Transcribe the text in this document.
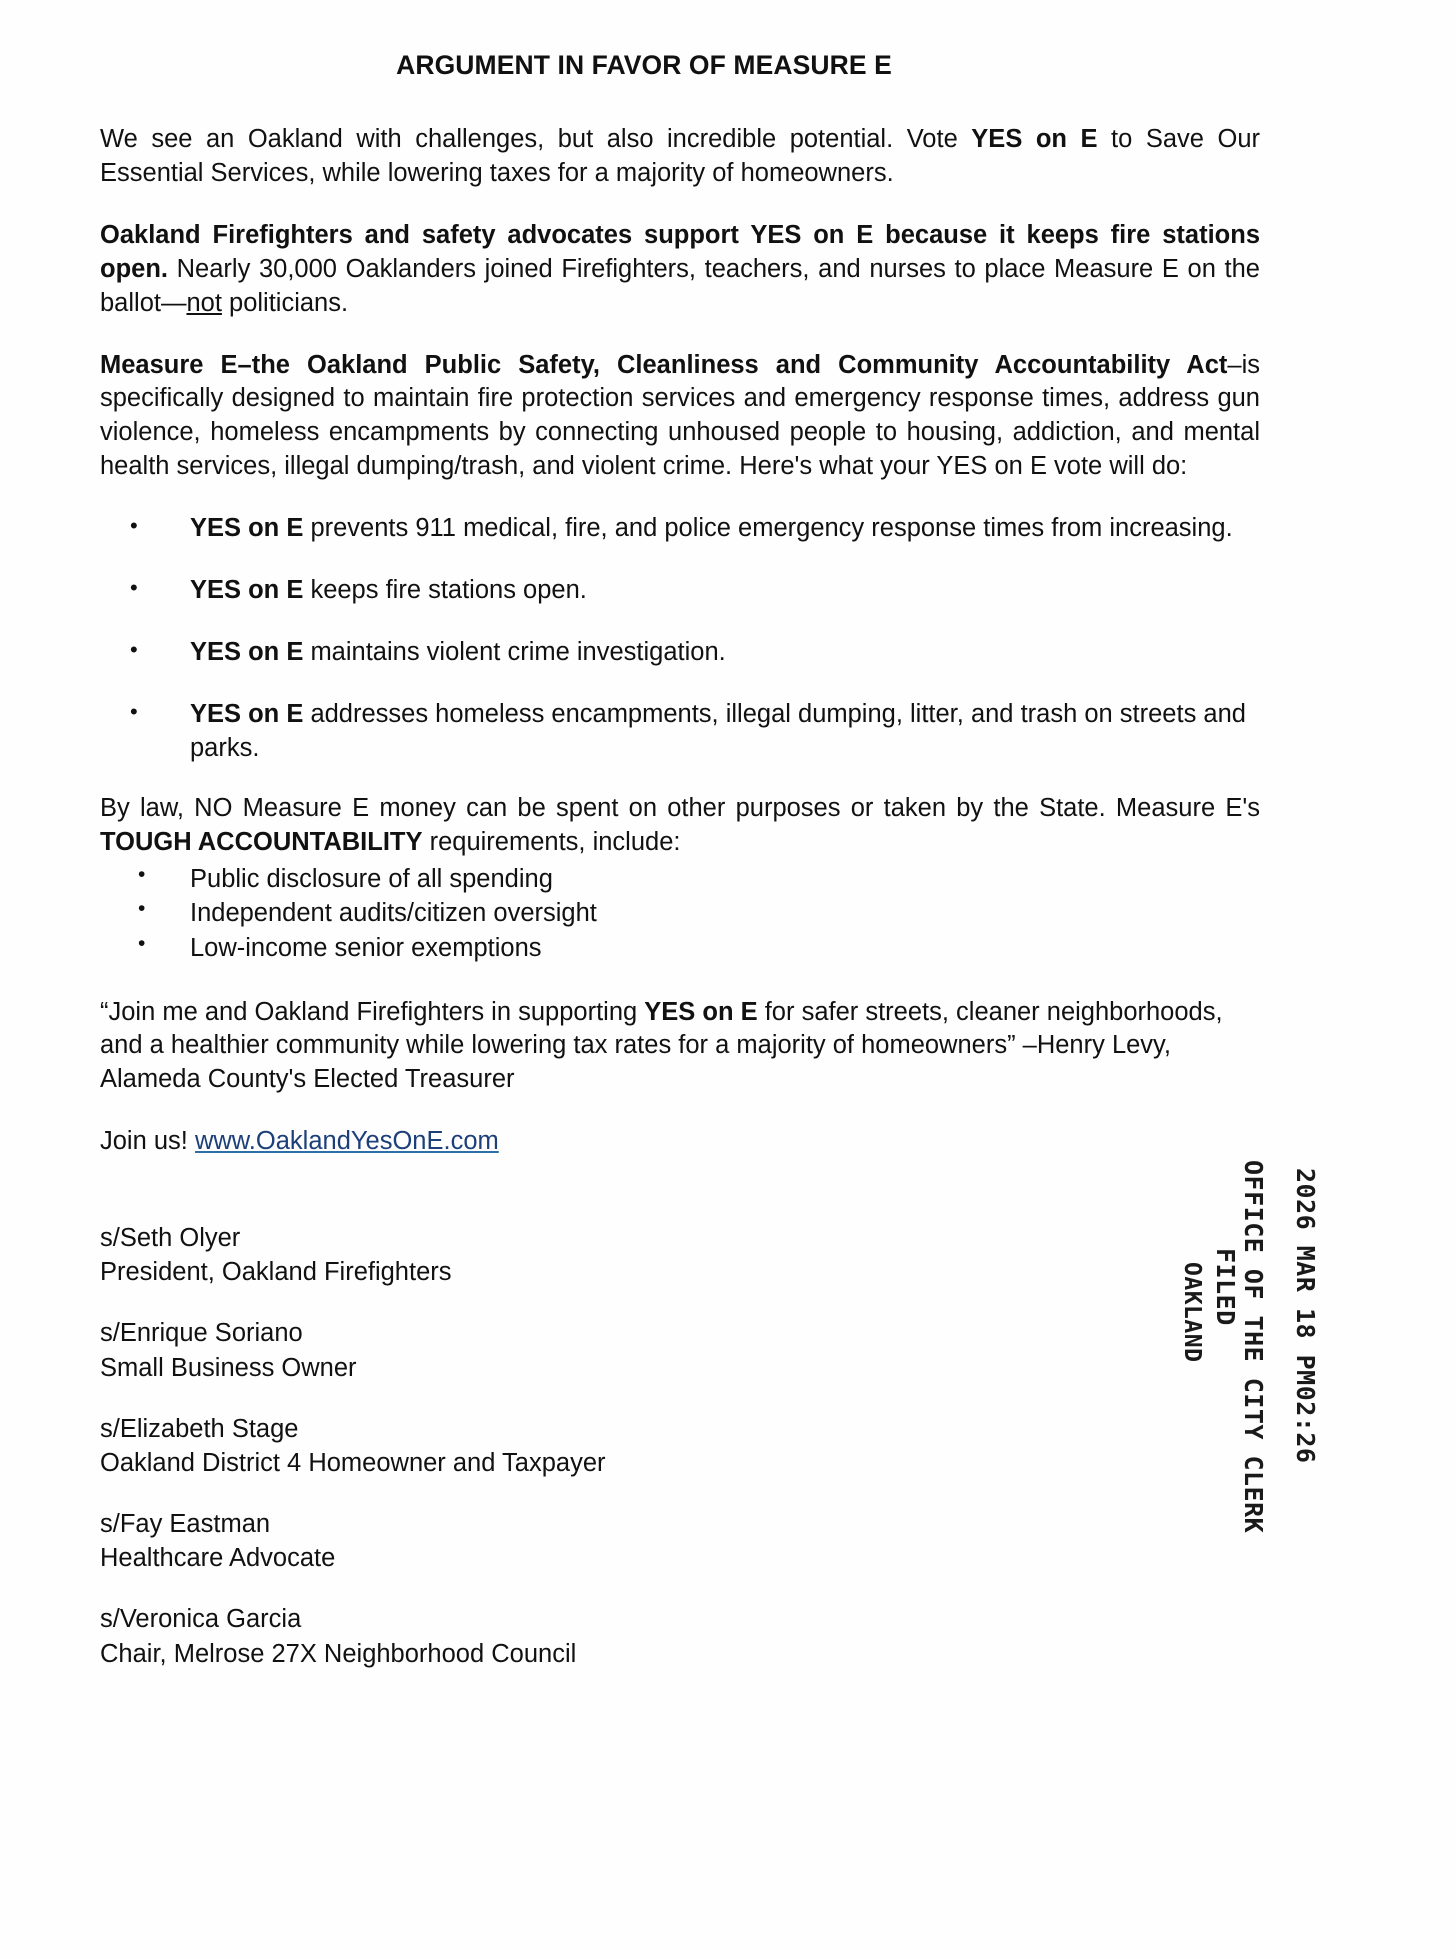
ARGUMENT IN FAVOR OF MEASURE E

We see an Oakland with challenges, but also incredible potential. Vote YES on E to Save Our Essential Services, while lowering taxes for a majority of homeowners.

Oakland Firefighters and safety advocates support YES on E because it keeps fire stations open. Nearly 30,000 Oaklanders joined Firefighters, teachers, and nurses to place Measure E on the ballot—not politicians.

Measure E–the Oakland Public Safety, Cleanliness and Community Accountability Act–is specifically designed to maintain fire protection services and emergency response times, address gun violence, homeless encampments by connecting unhoused people to housing, addiction, and mental health services, illegal dumping/trash, and violent crime. Here's what your YES on E vote will do:

• YES on E prevents 911 medical, fire, and police emergency response times from increasing.
• YES on E keeps fire stations open.
• YES on E maintains violent crime investigation.
• YES on E addresses homeless encampments, illegal dumping, litter, and trash on streets and parks.

By law, NO Measure E money can be spent on other purposes or taken by the State. Measure E's TOUGH ACCOUNTABILITY requirements, include:

• Public disclosure of all spending
• Independent audits/citizen oversight
• Low-income senior exemptions

“Join me and Oakland Firefighters in supporting YES on E for safer streets, cleaner neighborhoods, and a healthier community while lowering tax rates for a majority of homeowners” –Henry Levy, Alameda County's Elected Treasurer

Join us! www.OaklandYesOnE.com

s/Seth Olyer
President, Oakland Firefighters
s/Enrique Soriano
Small Business Owner
s/Elizabeth Stage
Oakland District 4 Homeowner and Taxpayer
s/Fay Eastman
Healthcare Advocate
s/Veronica Garcia
Chair, Melrose 27X Neighborhood Council
2026 MAR 18 PM02:26
OFFICE OF THE CITY CLERK
FILED
OAKLAND
